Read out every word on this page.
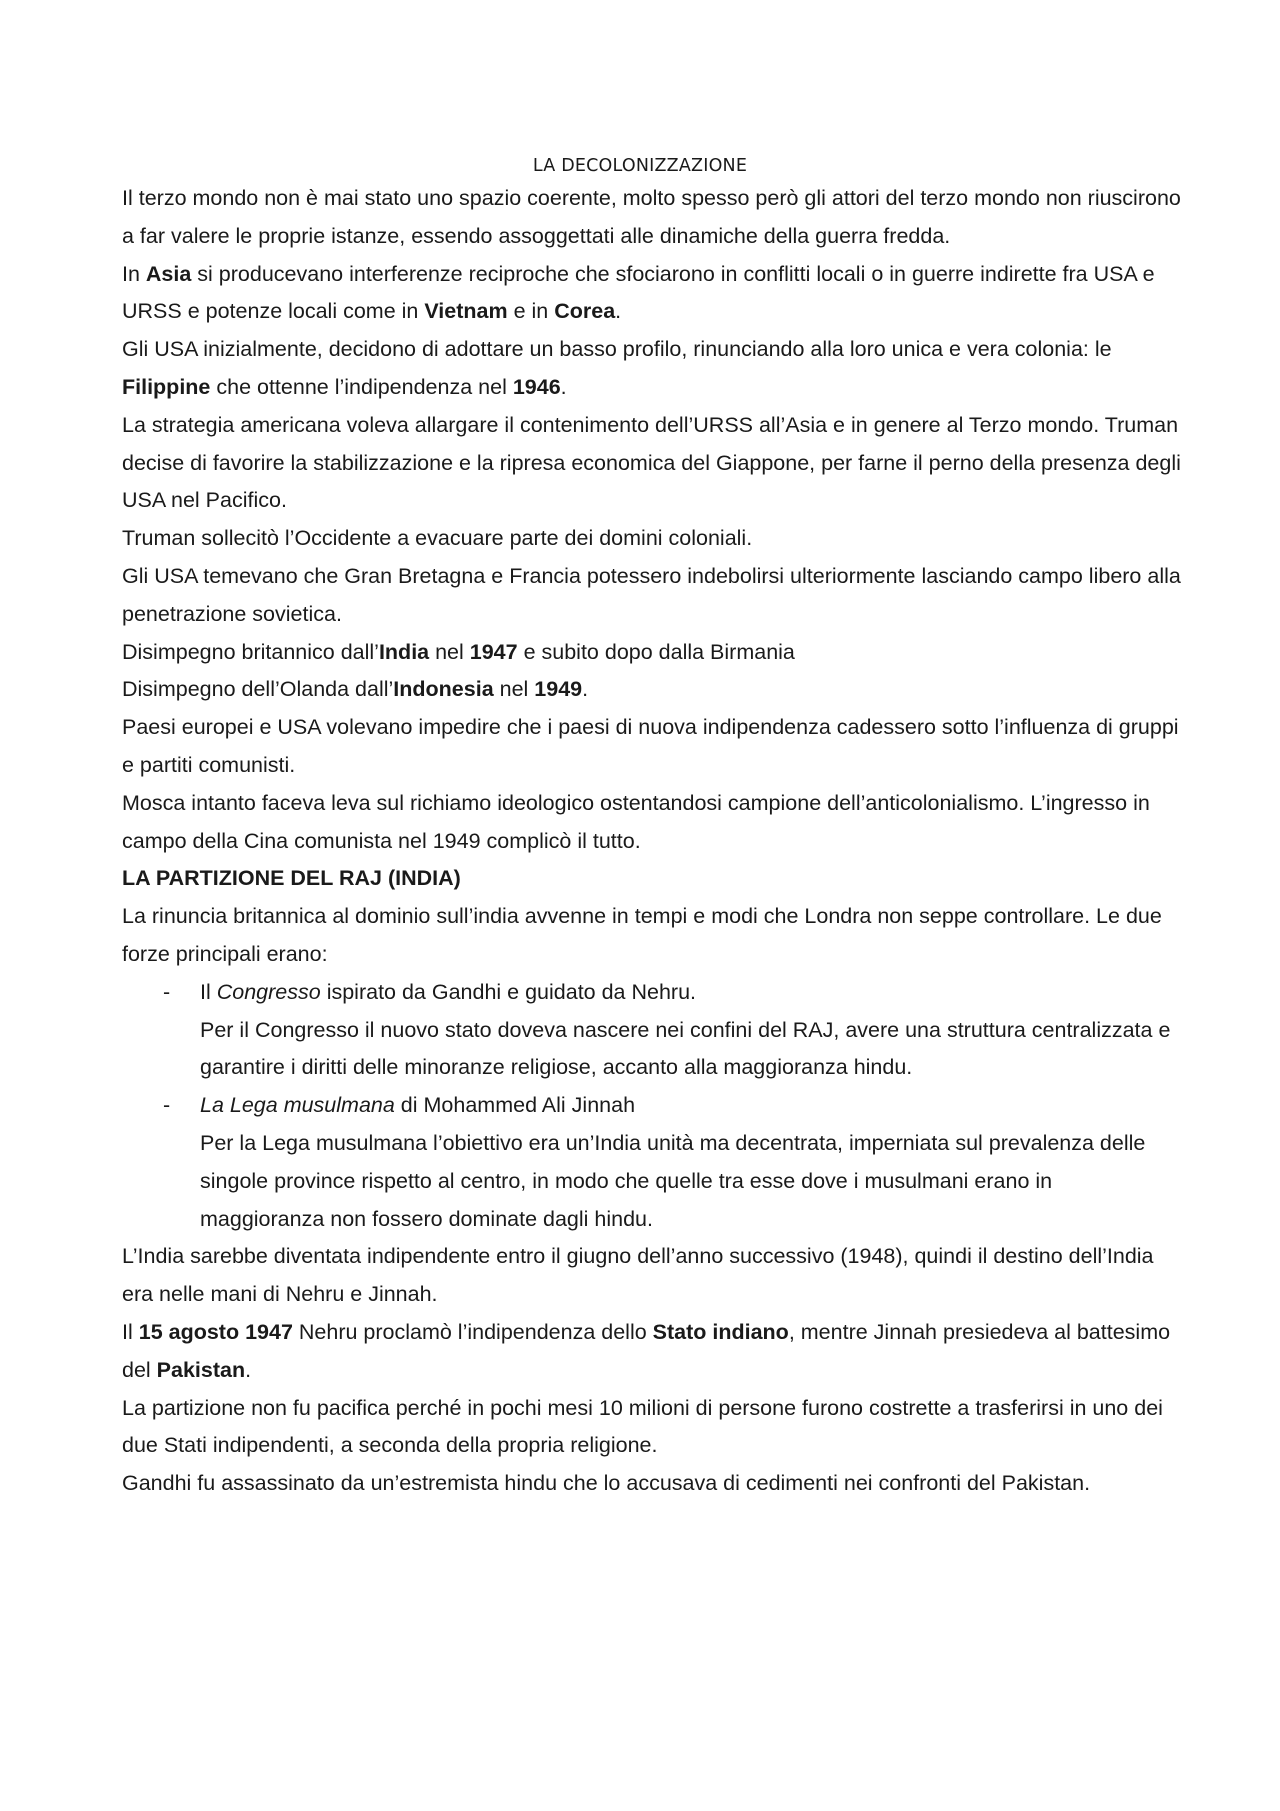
LA DECOLONIZZAZIONE

Il terzo mondo non è mai stato uno spazio coerente, molto spesso però gli attori del terzo mondo non riuscirono a far valere le proprie istanze, essendo assoggettati alle dinamiche della guerra fredda.

In Asia si producevano interferenze reciproche che sfociarono in conflitti locali o in guerre indirette fra USA e URSS e potenze locali come in Vietnam e in Corea.

Gli USA inizialmente, decidono di adottare un basso profilo, rinunciando alla loro unica e vera colonia: le Filippine che ottenne l’indipendenza nel 1946.

La strategia americana voleva allargare il contenimento dell’URSS all’Asia e in genere al Terzo mondo. Truman decise di favorire la stabilizzazione e la ripresa economica del Giappone, per farne il perno della presenza degli USA nel Pacifico.

Truman sollecitò l’Occidente a evacuare parte dei domini coloniali.

Gli USA temevano che Gran Bretagna e Francia potessero indebolirsi ulteriormente lasciando campo libero alla penetrazione sovietica.

Disimpegno britannico dall’India nel 1947 e subito dopo dalla Birmania

Disimpegno dell’Olanda dall’Indonesia nel 1949.

Paesi europei e USA volevano impedire che i paesi di nuova indipendenza cadessero sotto l’influenza di gruppi e partiti comunisti.

Mosca intanto faceva leva sul richiamo ideologico ostentandosi campione dell’anticolonialismo. L’ingresso in campo della Cina comunista nel 1949 complicò il tutto.

LA PARTIZIONE DEL RAJ (INDIA)

La rinuncia britannica al dominio sull’india avvenne in tempi e modi che Londra non seppe controllare. Le due forze principali erano:

- Il Congresso ispirato da Gandhi e guidato da Nehru.

Per il Congresso il nuovo stato doveva nascere nei confini del RAJ, avere una struttura centralizzata e garantire i diritti delle minoranze religiose, accanto alla maggioranza hindu.

- La Lega musulmana di Mohammed Ali Jinnah

Per la Lega musulmana l’obiettivo era un’India unità ma decentrata, imperniata sul prevalenza delle singole province rispetto al centro, in modo che quelle tra esse dove i musulmani erano in maggioranza non fossero dominate dagli hindu.

L’India sarebbe diventata indipendente entro il giugno dell’anno successivo (1948), quindi il destino dell’India era nelle mani di Nehru e Jinnah.

Il 15 agosto 1947 Nehru proclamò l’indipendenza dello Stato indiano, mentre Jinnah presiedeva al battesimo del Pakistan.

La partizione non fu pacifica perché in pochi mesi 10 milioni di persone furono costrette a trasferirsi in uno dei due Stati indipendenti, a seconda della propria religione.

Gandhi fu assassinato da un’estremista hindu che lo accusava di cedimenti nei confronti del Pakistan.
